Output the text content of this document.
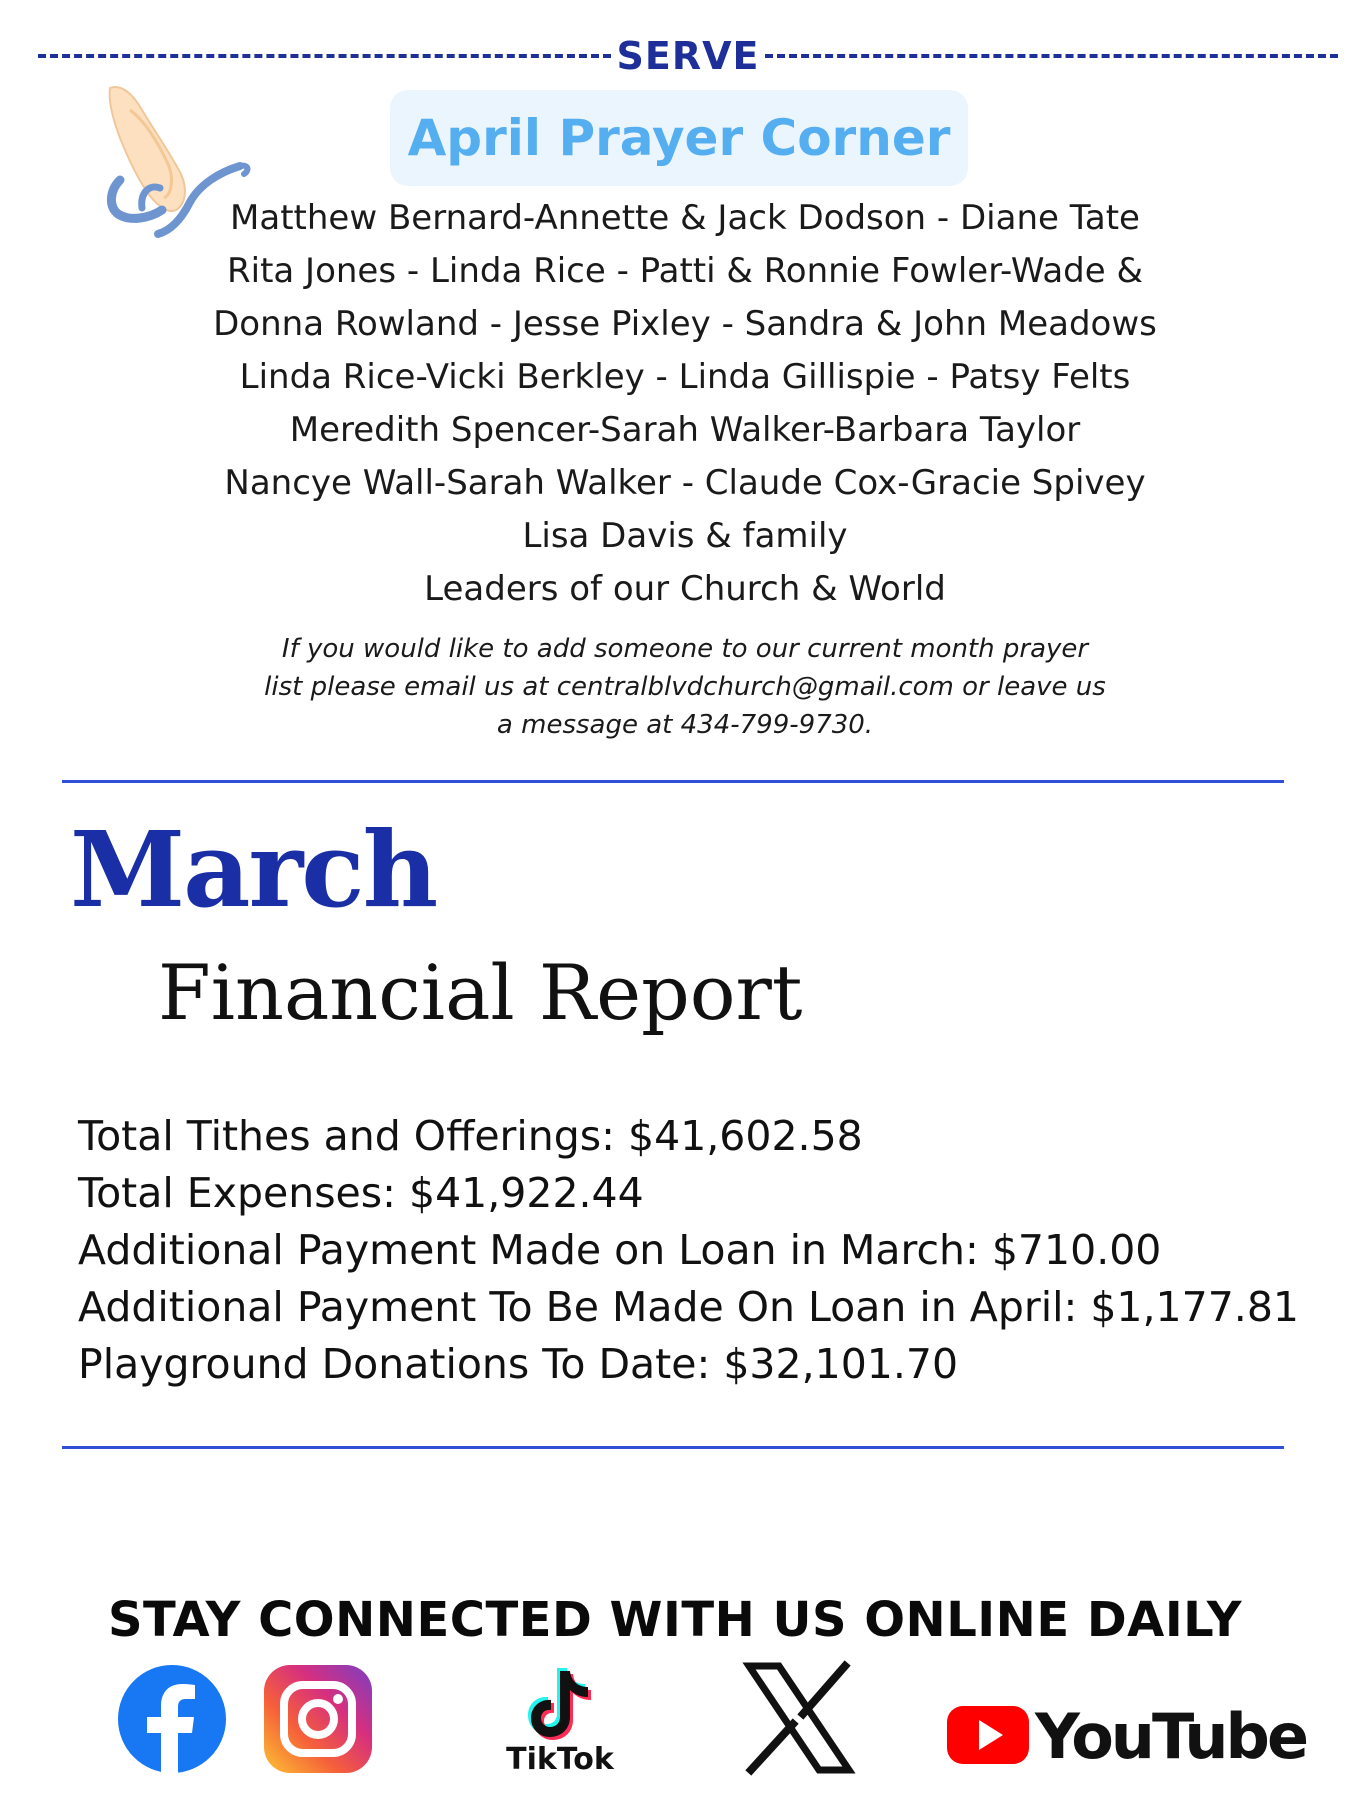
SERVE
April Prayer Corner
Matthew Bernard-Annette & Jack Dodson - Diane Tate
Rita Jones - Linda Rice - Patti & Ronnie Fowler-Wade &
Donna Rowland - Jesse Pixley - Sandra & John Meadows
Linda Rice-Vicki Berkley - Linda Gillispie - Patsy Felts
Meredith Spencer-Sarah Walker-Barbara Taylor
Nancye Wall-Sarah Walker - Claude Cox-Gracie Spivey
Lisa Davis & family
Leaders of our Church & World
If you would like to add someone to our current month prayer
list please email us at centralblvdchurch@gmail.com or leave us
a message at 434-799-9730.
March
Financial Report
Total Tithes and Offerings: $41,602.58
Total Expenses: $41,922.44
Additional Payment Made on Loan in March: $710.00
Additional Payment To Be Made On Loan in April: $1,177.81
Playground Donations To Date: $32,101.70
STAY CONNECTED WITH US ONLINE DAILY
TikTok	YouTube
